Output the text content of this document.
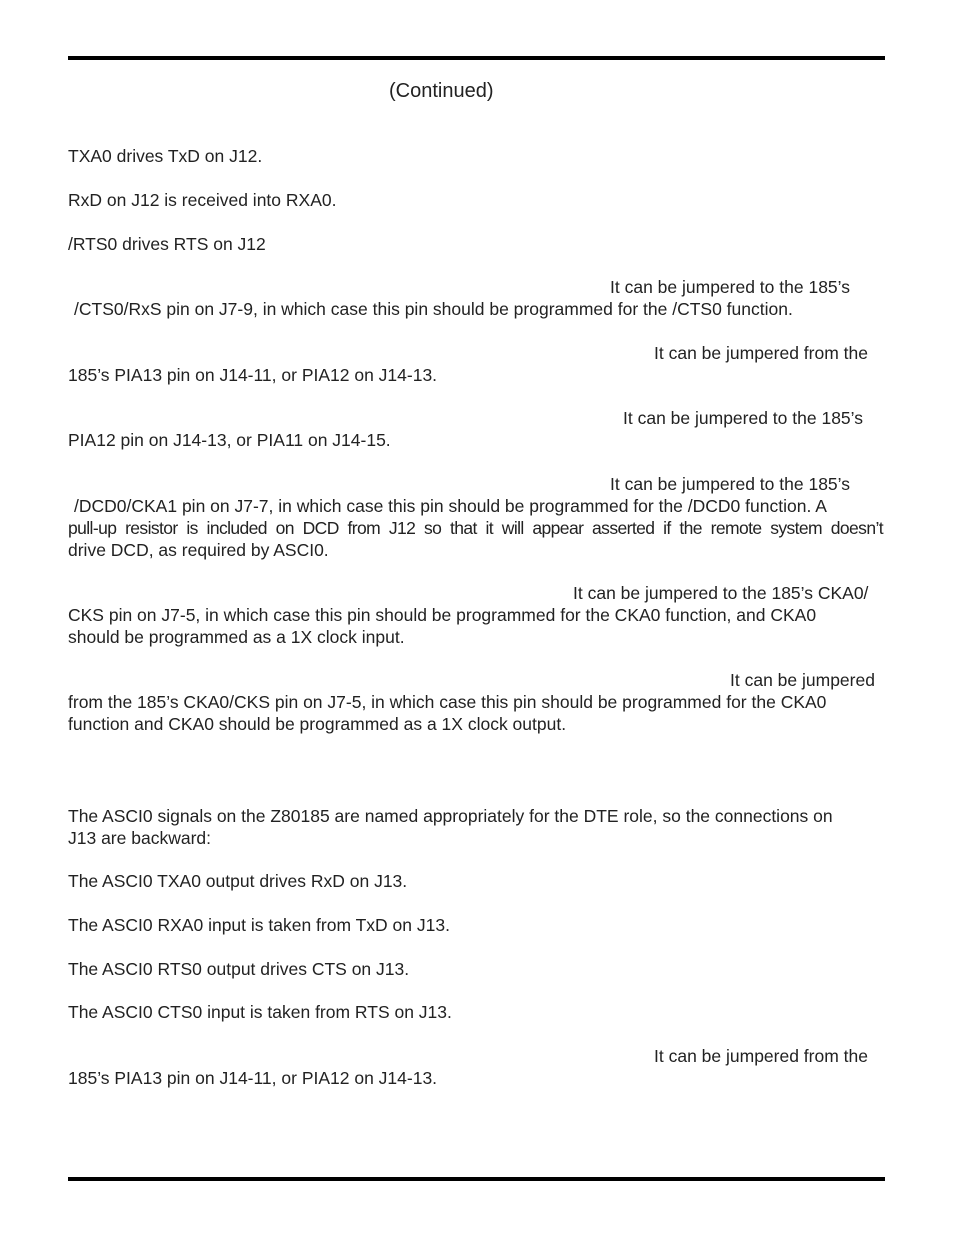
(Continued)
TXA0 drives TxD on J12.
RxD on J12 is received into RXA0.
/RTS0 drives RTS on J12
It can be jumpered to the 185’s
/CTS0/RxS pin on J7-9, in which case this pin should be programmed for the /CTS0 function.
It can be jumpered from the
185’s PIA13 pin on J14-11, or PIA12 on J14-13.
It can be jumpered to the 185’s
PIA12 pin on J14-13, or PIA11 on J14-15.
It can be jumpered to the 185’s
/DCD0/CKA1 pin on J7-7, in which case this pin should be programmed for the /DCD0 function. A
pull-up resistor is included on DCD from J12 so that it will appear asserted if the remote system doesn’t
drive DCD, as required by ASCI0.
It can be jumpered to the 185’s CKA0/
CKS pin on J7-5, in which case this pin should be programmed for the CKA0 function, and CKA0
should be programmed as a 1X clock input.
It can be jumpered
from the 185’s CKA0/CKS pin on J7-5, in which case this pin should be programmed for the CKA0
function and CKA0 should be programmed as a 1X clock output.
The ASCI0 signals on the Z80185 are named appropriately for the DTE role, so the connections on
J13 are backward:
The ASCI0 TXA0 output drives RxD on J13.
The ASCI0 RXA0 input is taken from TxD on J13.
The ASCI0 RTS0 output drives CTS on J13.
The ASCI0 CTS0 input is taken from RTS on J13.
It can be jumpered from the
185’s PIA13 pin on J14-11, or PIA12 on J14-13.
